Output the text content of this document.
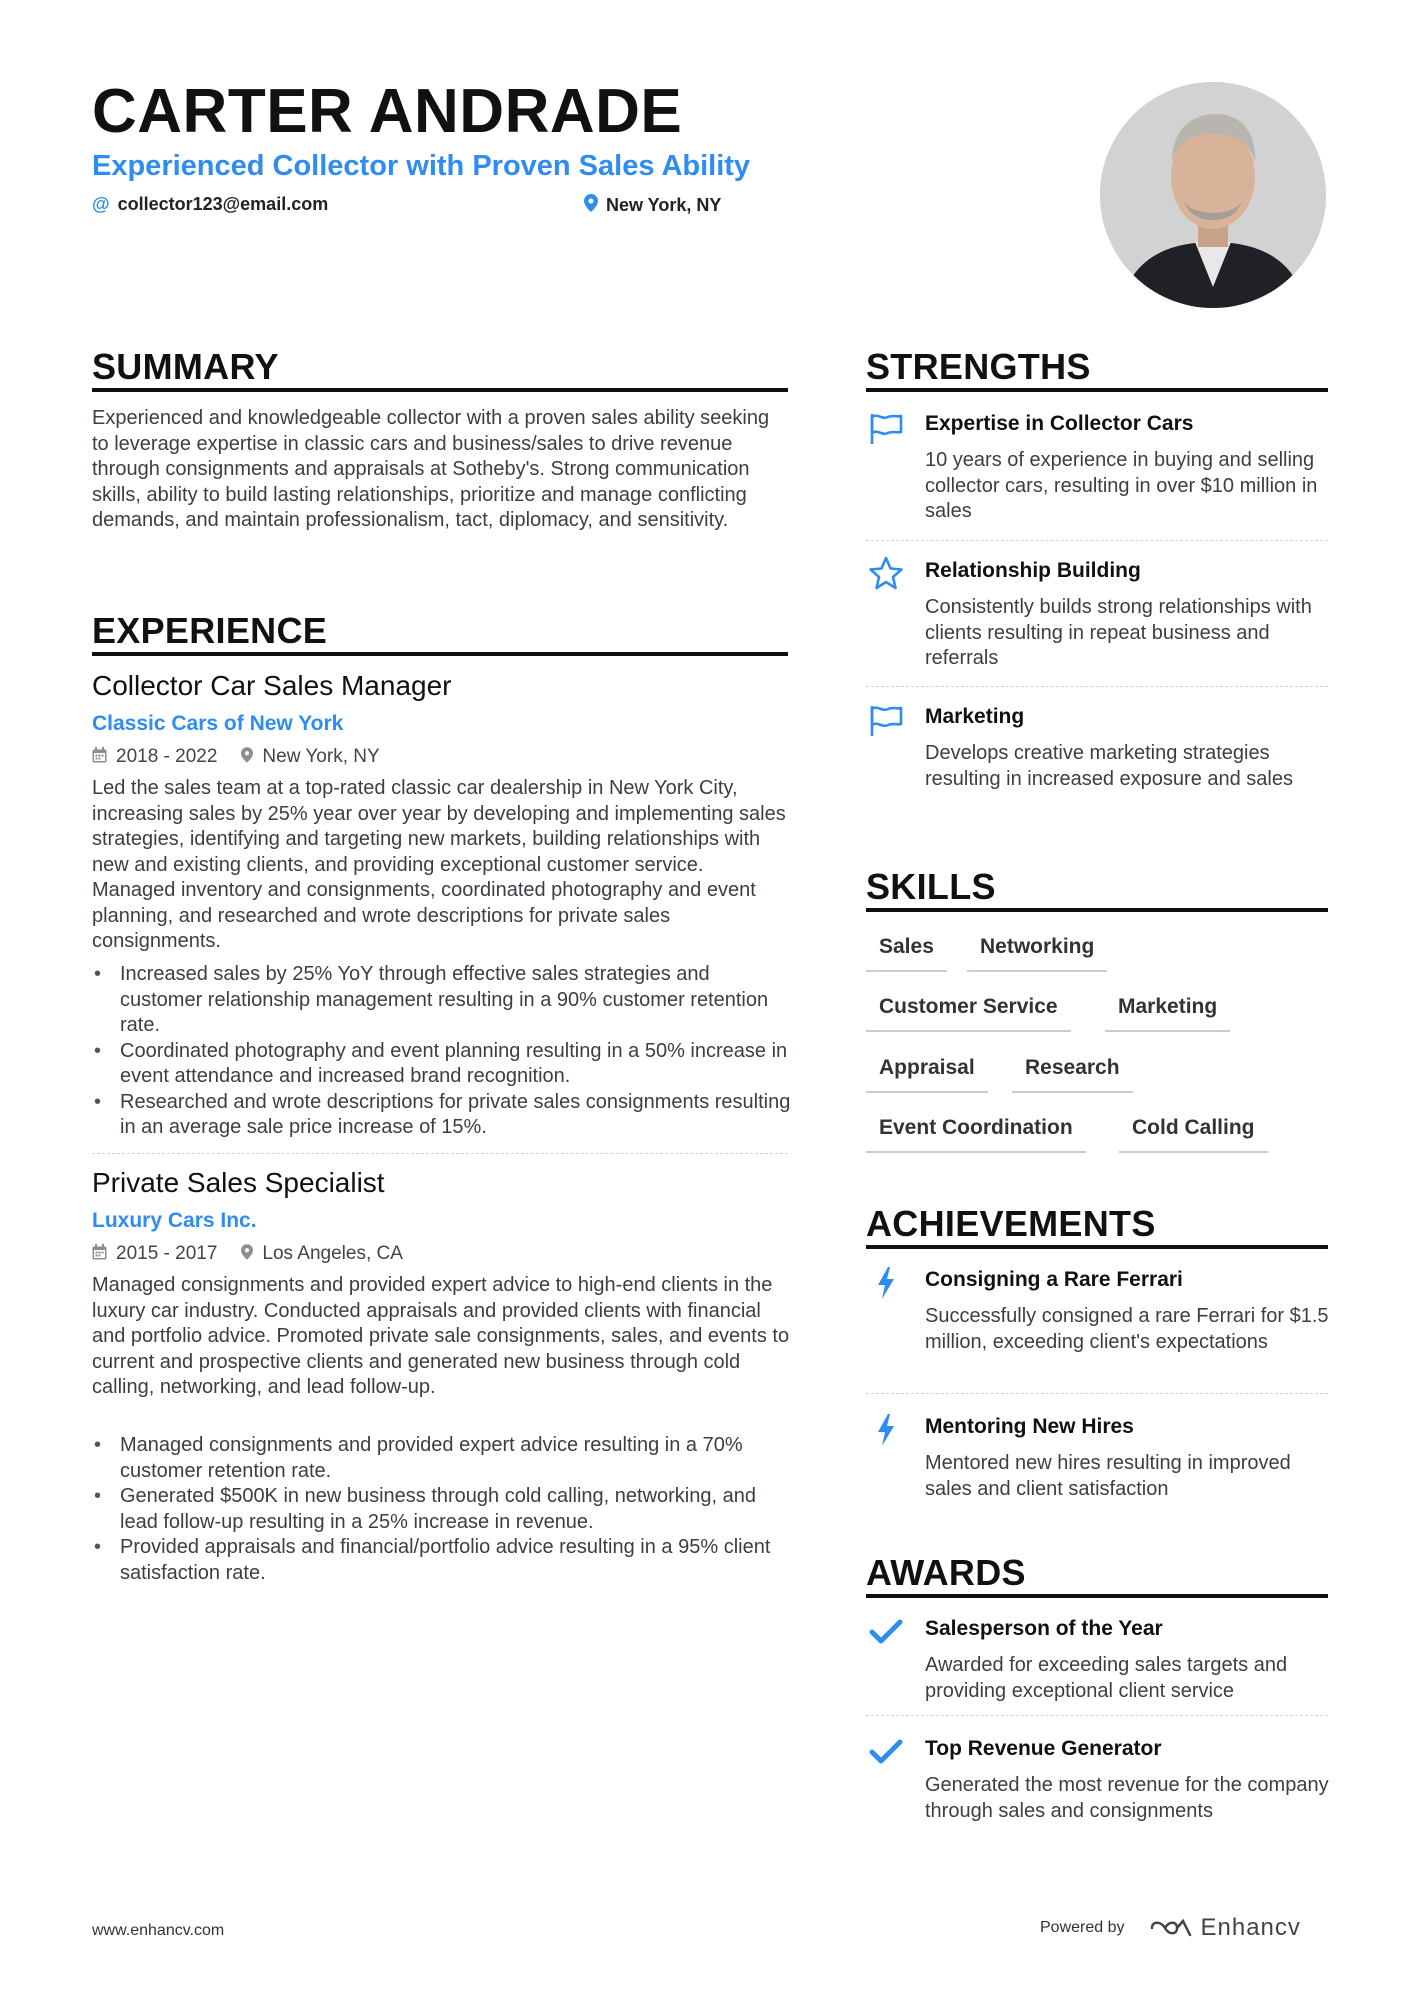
CARTER ANDRADE
Experienced Collector with Proven Sales Ability
@ collector123@email.com	New York, NY
SUMMARY

Experienced and knowledgeable collector with a proven sales ability seeking to leverage expertise in classic cars and business/sales to drive revenue through consignments and appraisals at Sotheby's. Strong communication skills, ability to build lasting relationships, prioritize and manage conflicting demands, and maintain professionalism, tact, diplomacy, and sensitivity.

EXPERIENCE
Collector Car Sales Manager
Classic Cars of New York
2018 - 2022 New York, NY

Led the sales team at a top-rated classic car dealership in New York City, increasing sales by 25% year over year by developing and implementing sales strategies, identifying and targeting new markets, building relationships with new and existing clients, and providing exceptional customer service. Managed inventory and consignments, coordinated photography and event planning, and researched and wrote descriptions for private sales consignments.

• Increased sales by 25% YoY through effective sales strategies and customer relationship management resulting in a 90% customer retention rate.
• Coordinated photography and event planning resulting in a 50% increase in event attendance and increased brand recognition.
• Researched and wrote descriptions for private sales consignments resulting in an average sale price increase of 15%.
Private Sales Specialist
Luxury Cars Inc.
2015 - 2017 Los Angeles, CA

Managed consignments and provided expert advice to high-end clients in the luxury car industry. Conducted appraisals and provided clients with financial and portfolio advice. Promoted private sale consignments, sales, and events to current and prospective clients and generated new business through cold calling, networking, and lead follow-up.

• Managed consignments and provided expert advice resulting in a 70% customer retention rate.
• Generated $500K in new business through cold calling, networking, and lead follow-up resulting in a 25% increase in revenue.
• Provided appraisals and financial/portfolio advice resulting in a 95% client satisfaction rate.
STRENGTHS
Expertise in Collector Cars

10 years of experience in buying and selling collector cars, resulting in over $10 million in sales

Relationship Building

Consistently builds strong relationships with clients resulting in repeat business and referrals

Marketing

Develops creative marketing strategies resulting in increased exposure and sales

SKILLS
Sales	Networking
Customer Service	Marketing
Appraisal	Research
Event Coordination	Cold Calling
ACHIEVEMENTS
Consigning a Rare Ferrari

Successfully consigned a rare Ferrari for $1.5 million, exceeding client's expectations

Mentoring New Hires

Mentored new hires resulting in improved sales and client satisfaction

AWARDS
Salesperson of the Year

Awarded for exceeding sales targets and providing exceptional client service

Top Revenue Generator

Generated the most revenue for the company through sales and consignments

www.enhancv.com	Powered by	Enhancv
